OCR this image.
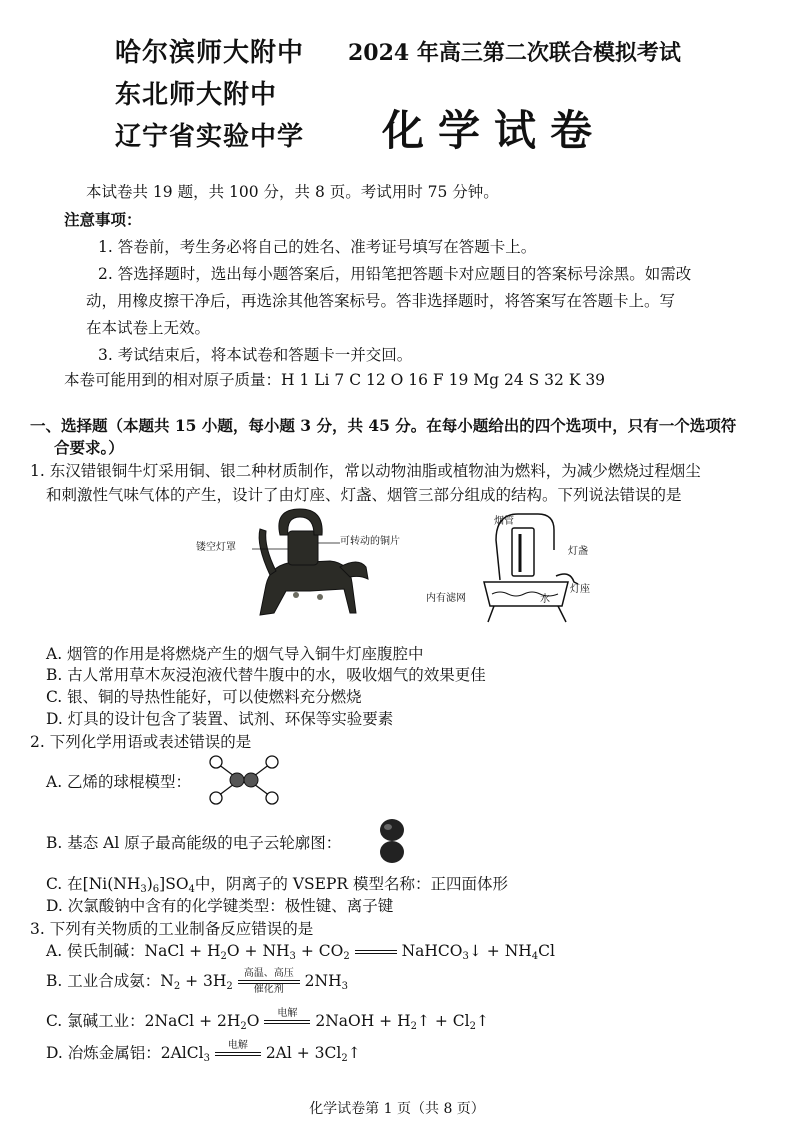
哈尔滨师大附中
东北师大附中
辽宁省实验中学
2024 年高三第二次联合模拟考试
化学试卷
本试卷共 19 题，共 100 分，共 8 页。考试用时 75 分钟。
注意事项：
1. 答卷前，考生务必将自己的姓名、准考证号填写在答题卡上。
2. 答选择题时，选出每小题答案后，用铅笔把答题卡对应题目的答案标号涂黑。如需改
动，用橡皮擦干净后，再选涂其他答案标号。答非选择题时，将答案写在答题卡上。写
在本试卷上无效。
3. 考试结束后，将本试卷和答题卡一并交回。
本卷可能用到的相对原子质量：H 1 Li 7 C 12 O 16 F 19 Mg 24 S 32 K 39
一、选择题（本题共 15 小题，每小题 3 分，共 45 分。在每小题给出的四个选项中，只有一个选项符
合要求。）
1. 东汉错银铜牛灯采用铜、银二种材质制作，常以动物油脂或植物油为燃料，为减少燃烧过程烟尘
和刺激性气味气体的产生，设计了由灯座、灯盏、烟管三部分组成的结构。下列说法错误的是
镂空灯罩
可转动的铜片
烟管
灯盏
灯座
内有滤网	水
A. 烟管的作用是将燃烧产生的烟气导入铜牛灯座腹腔中
B. 古人常用草木灰浸泡液代替牛腹中的水，吸收烟气的效果更佳
C. 银、铜的导热性能好，可以使燃料充分燃烧
D. 灯具的设计包含了装置、试剂、环保等实验要素
2. 下列化学用语或表述错误的是
A. 乙烯的球棍模型：
B. 基态 Al 原子最高能级的电子云轮廓图：
C. 在$[Ni(NH_3)_6]SO_4$中，阴离子的 VSEPR 模型名称：正四面体形
D. 次氯酸钠中含有的化学键类型：极性键、离子键
3. 下列有关物质的工业制备反应错误的是
A. 侯氏制碱：NaCl + $H_2O + NH_3 + CO_2$

	NaHCO$_3$↓ + $NH_4Cl$
B. 工业合成氨：$N_2 + 3H_2$
高温、高压
催化剂	$2NH_3$
C. 氯碱工业：2NaCl + $2H_2O$	电解
	2NaOH + $H_2↑$ + $Cl_2↑$
D. 冶炼金属铝：2AlCl$_3$
电解
	$2Al + 3Cl_2↑$
化学试卷第 1 页（共 8 页）
